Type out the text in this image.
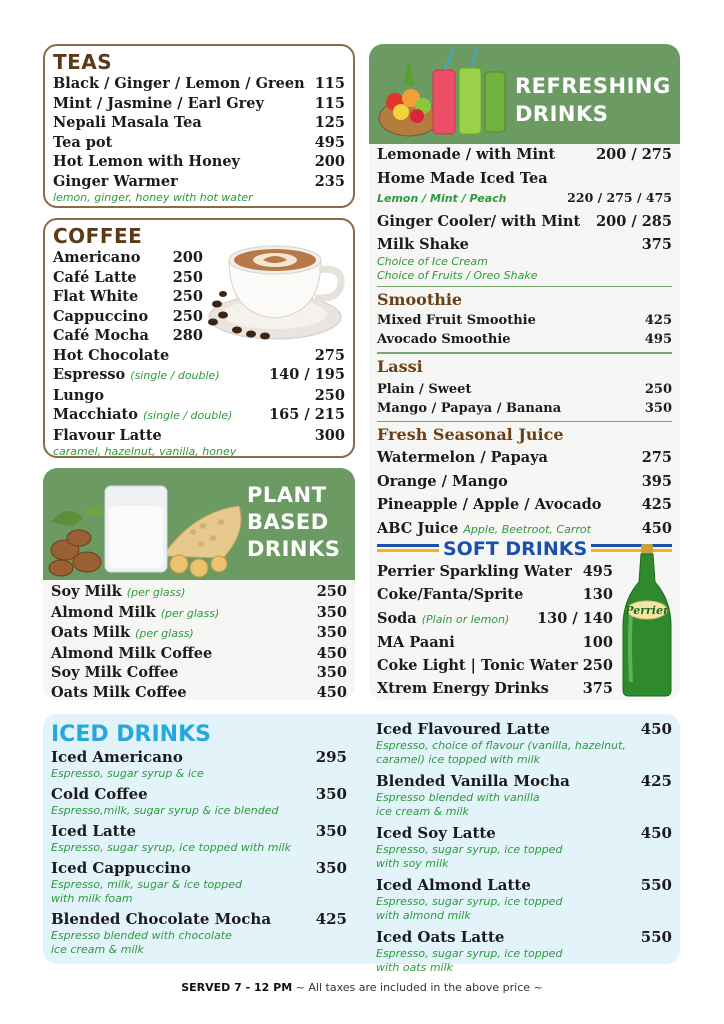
TEAS
Black / Ginger / Lemon / Green 115
Mint / Jasmine / Earl Grey	115
Nepali Masala Tea	125
Tea pot	495
Hot Lemon with Honey	200
Ginger Warmer	235
lemon, ginger, honey with hot water
COFFEE
Americano 200
Café Latte 250
Flat White 250
Cappuccino 250
Café Mocha 280
Hot Chocolate	275
Espresso (single / double)	140 / 195
Lungo	250
Macchiato (single / double)	165 / 215
Flavour Latte	300
caramel, hazelnut, vanilla, honey
PLANT
BASED
DRINKS
Soy Milk (per glass)	250
Almond Milk (per glass)	350
Oats Milk (per glass)	350
Almond Milk Coffee	450
Soy Milk Coffee	350
Oats Milk Coffee	450
REFRESHING
DRINKS
Lemonade / with Mint	200 / 275
Home Made Iced Tea
Lemon / Mint / Peach	220 / 275 / 475
Ginger Cooler/ with Mint 200 / 285
Milk Shake	375
Choice of Ice Cream
Choice of Fruits / Oreo Shake
Smoothie
Mixed Fruit Smoothie	425
Avocado Smoothie	495
Lassi
Plain / Sweet	250
Mango / Papaya / Banana	350
Fresh Seasonal Juice
Watermelon / Papaya	275
Orange / Mango	395
Pineapple / Apple / Avocado	425
ABC Juice Apple, Beetroot, Carrot	450
SOFT DRINKS
Perrier Sparkling Water 495
Coke/Fanta/Sprite	130
Soda (Plain or lemon) 130 / 140
MA Paani	100
Coke Light | Tonic Water 250
Xtrem Energy Drinks 375
Perrier
ICED DRINKS
Iced Americano	295
Espresso, sugar syrup & ice
Cold Coffee	350
Espresso,milk, sugar syrup & ice blended
Iced Latte	350
Espresso, sugar syrup, ice topped with milk
Iced Cappuccino	350
Espresso, milk, sugar & ice topped
with milk foam
Blended Chocolate Mocha	425
Espresso blended with chocolate
ice cream & milk
Iced Flavoured Latte	450
Espresso, choice of flavour (vanilla, hazelnut,
caramel) ice topped with milk
Blended Vanilla Mocha	425
Espresso blended with vanilla
ice cream & milk
Iced Soy Latte	450
Espresso, sugar syrup, ice topped
with soy milk
Iced Almond Latte	550
Espresso, sugar syrup, ice topped
with almond milk
Iced Oats Latte	550
Espresso, sugar syrup, ice topped
with oats milk
SERVED 7 - 12 PM ~ All taxes are included in the above price ~
